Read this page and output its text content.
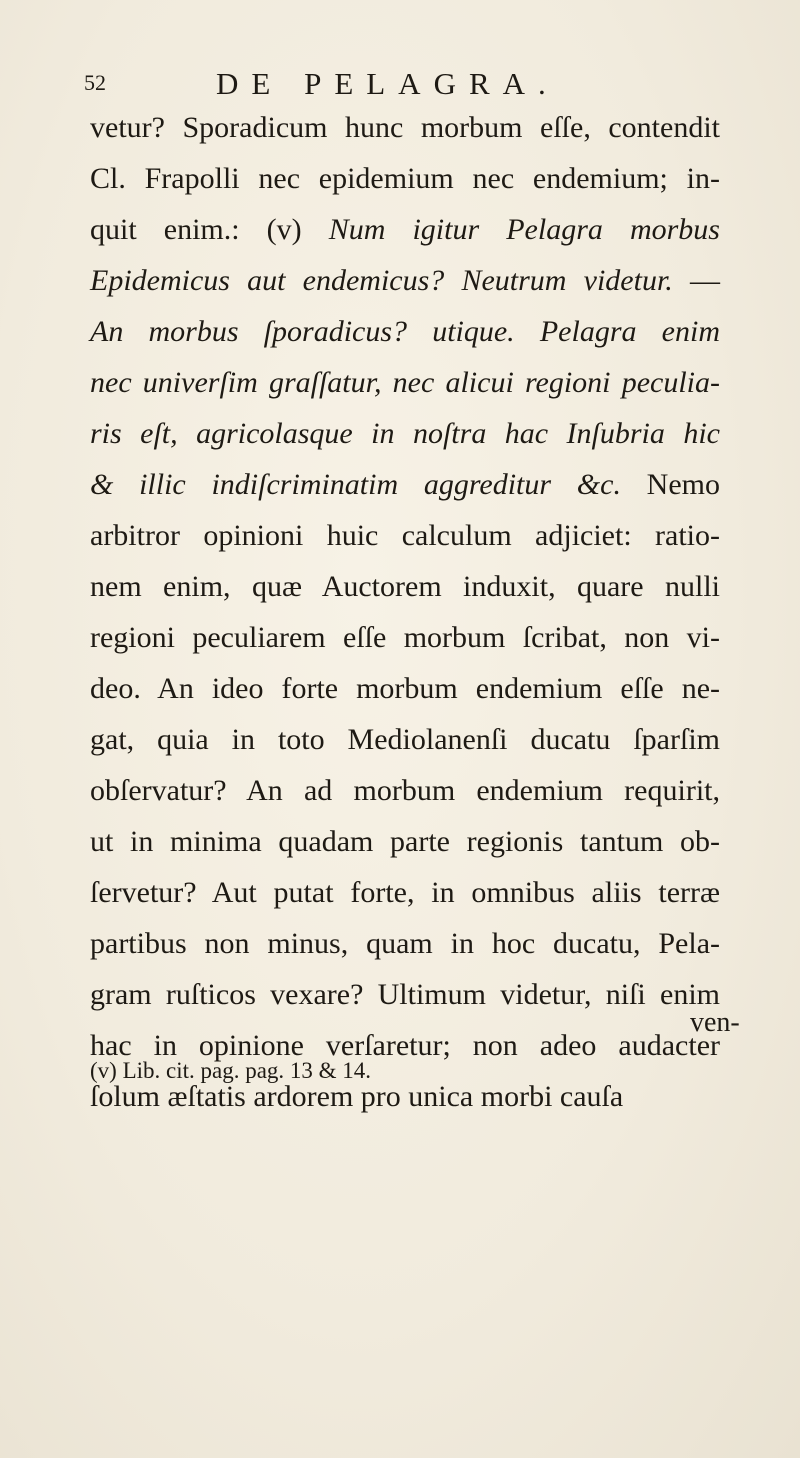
52	DE PELAGRA.
vetur? Sporadicum hunc morbum eſſe, contendit
Cl. Frapolli nec epidemium nec endemium; in-
quit enim.: (v) Num igitur Pelagra morbus
Epidemicus aut endemicus? Neutrum videtur. —
An morbus ſporadicus? utique. Pelagra enim
nec univerſim graſſatur, nec alicui regioni peculia-
ris eſt, agricolasque in noſtra hac Inſubria hic
& illic indiſcriminatim aggreditur &c. Nemo
arbitror opinioni huic calculum adjiciet: ratio-
nem enim, quæ Auctorem induxit, quare nulli
regioni peculiarem eſſe morbum ſcribat, non vi-
deo. An ideo forte morbum endemium eſſe ne-
gat, quia in toto Mediolanenſi ducatu ſparſim
obſervatur? An ad morbum endemium requirit,
ut in minima quadam parte regionis tantum ob-
ſervetur? Aut putat forte, in omnibus aliis terræ
partibus non minus, quam in hoc ducatu, Pela-
gram ruſticos vexare? Ultimum videtur, niſi enim
hac in opinione verſaretur; non adeo audacter
ſolum æſtatis ardorem pro unica morbi cauſa
ven-
(v) Lib. cit. pag. pag. 13 & 14.
